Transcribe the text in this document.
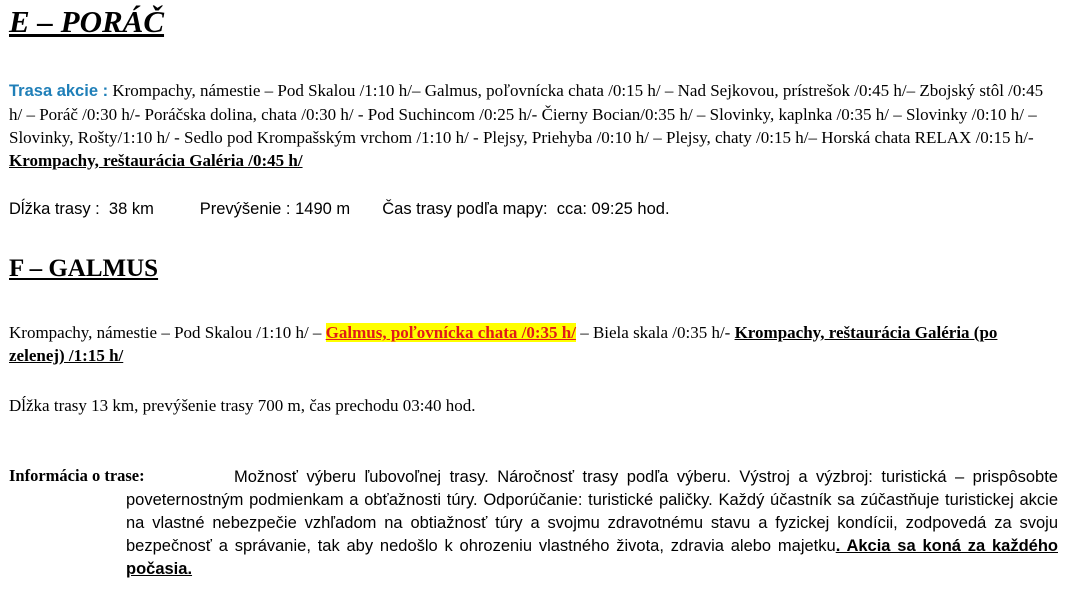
E – PORÁČ

Trasa akcie : Krompachy, námestie – Pod Skalou /1:10 h/– Galmus, poľovnícka chata /0:15 h/ – Nad Sejkovou, prístrešok /0:45 h/– Zbojský stôl /0:45 h/ – Poráč /0:30 h/- Poráčska dolina, chata /0:30 h/ - Pod Suchincom /0:25 h/- Čierny Bocian/0:35 h/ – Slovinky, kaplnka /0:35 h/ – Slovinky /0:10 h/ – Slovinky, Rošty/1:10 h/ - Sedlo pod Krompašským vrchom /1:10 h/ - Plejsy, Priehyba /0:10 h/ – Plejsy, chaty /0:15 h/– Horská chata RELAX /0:15 h/- Krompachy, reštaurácia Galéria /0:45 h/

Dĺžka trasy :  38 km	Prevýšenie : 1490 m Čas trasy podľa mapy:  cca: 09:25 hod.

F – GALMUS

Krompachy, námestie – Pod Skalou /1:10 h/ – Galmus, poľovnícka chata /0:35 h/ – Biela skala /0:35 h/- Krompachy, reštaurácia Galéria (po zelenej) /1:15 h/

Dĺžka trasy 13 km, prevýšenie trasy 700 m, čas prechodu 03:40 hod.

Informácia o trase:	Možnosť výberu ľubovoľnej trasy. Náročnosť trasy podľa výberu. Výstroj a výzbroj: turistická – prispôsobte poveternostným podmienkam a obťažnosti túry. Odporúčanie: turistické paličky. Každý účastník sa zúčastňuje turistickej akcie na vlastné nebezpečie vzhľadom na obtiažnosť túry a svojmu zdravotnému stavu a fyzickej kondícii, zodpovedá za svoju bezpečnosť a správanie, tak aby nedošlo k ohrozeniu vlastného života, zdravia alebo majetku. Akcia sa koná za každého počasia.
